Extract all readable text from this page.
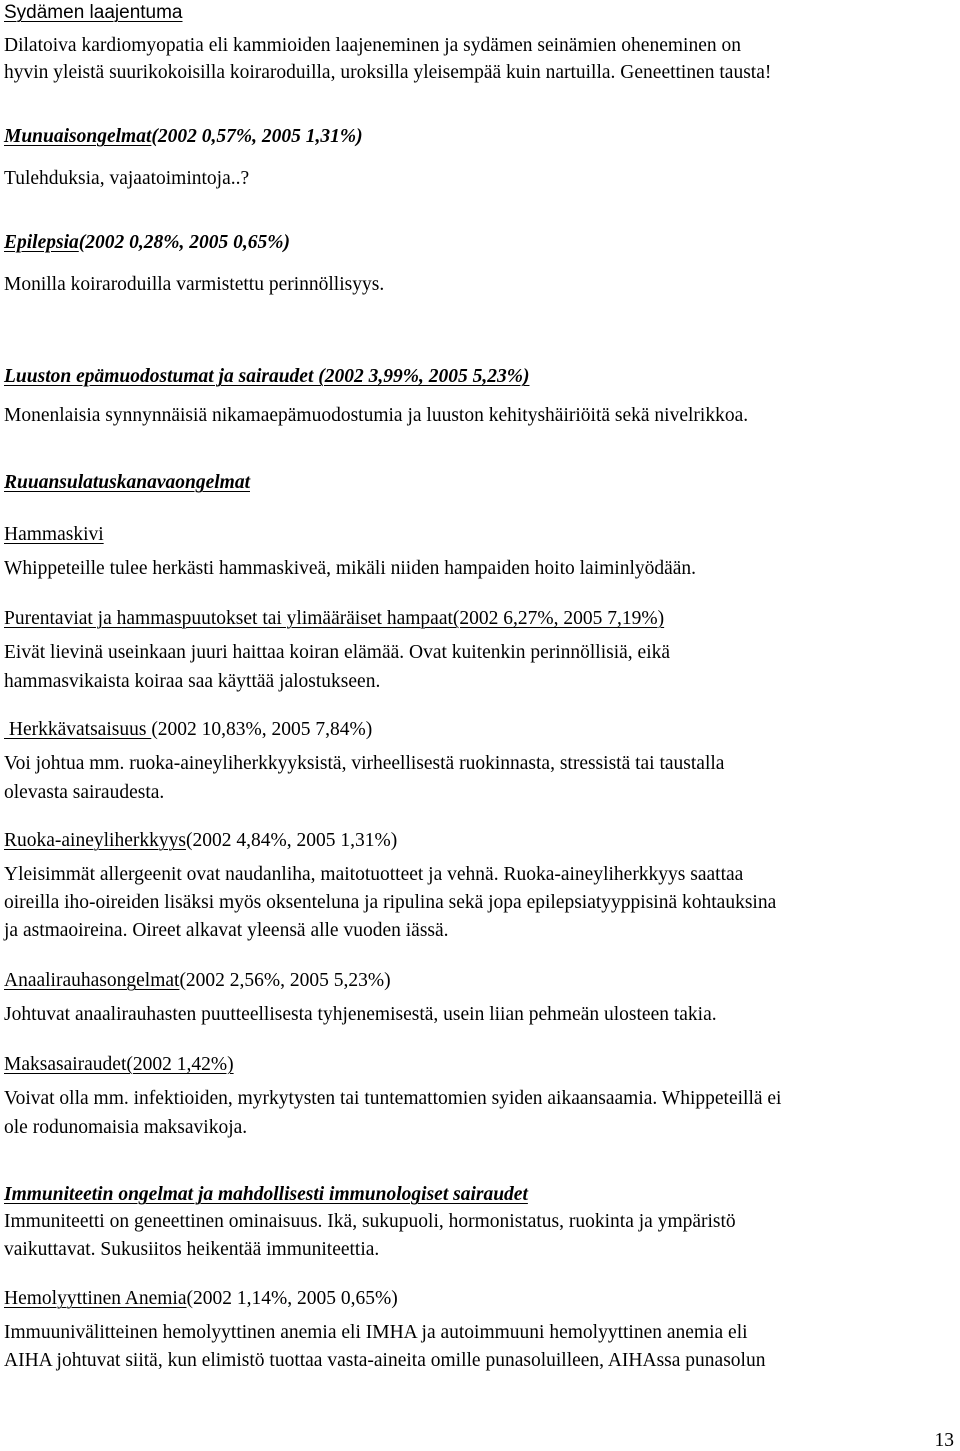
Sydämen laajentuma
Dilatoiva kardiomyopatia eli kammioiden laajeneminen ja sydämen seinämien oheneminen on
hyvin yleistä suurikokoisilla koiraroduilla, uroksilla yleisempää kuin nartuilla. Geneettinen tausta!
Munuaisongelmat(2002 0,57%, 2005 1,31%)
Tulehduksia, vajaatoimintoja..?
Epilepsia(2002 0,28%, 2005 0,65%)
Monilla koiraroduilla varmistettu perinnöllisyys.
Luuston epämuodostumat ja sairaudet (2002 3,99%, 2005 5,23%)
Monenlaisia synnynnäisiä nikamaepämuodostumia ja luuston kehityshäiriöitä sekä nivelrikkoa.
Ruuansulatuskanavaongelmat
Hammaskivi
Whippeteille tulee herkästi hammaskiveä, mikäli niiden hampaiden hoito laiminlyödään.
Purentaviat ja hammaspuutokset tai ylimääräiset hampaat(2002 6,27%, 2005 7,19%)
Eivät lievinä useinkaan juuri haittaa koiran elämää. Ovat kuitenkin perinnöllisiä, eikä
hammasvikaista koiraa saa käyttää jalostukseen.
Herkkävatsaisuus (2002 10,83%, 2005 7,84%)
Voi johtua mm. ruoka-aineyliherkkyyksistä, virheellisestä ruokinnasta, stressistä tai taustalla
olevasta sairaudesta.
Ruoka-aineyliherkkyys(2002 4,84%, 2005 1,31%)
Yleisimmät allergeenit ovat naudanliha, maitotuotteet ja vehnä. Ruoka-aineyliherkkyys saattaa
oireilla iho-oireiden lisäksi myös oksenteluna ja ripulina sekä jopa epilepsiatyyppisinä kohtauksina
ja astmaoireina. Oireet alkavat yleensä alle vuoden iässä.
Anaalirauhasongelmat(2002 2,56%, 2005 5,23%)
Johtuvat anaalirauhasten puutteellisesta tyhjenemisestä, usein liian pehmeän ulosteen takia.
Maksasairaudet(2002 1,42%)
Voivat olla mm. infektioiden, myrkytysten tai tuntemattomien syiden aikaansaamia. Whippeteillä ei
ole rodunomaisia maksavikoja.
Immuniteetin ongelmat ja mahdollisesti immunologiset sairaudet
Immuniteetti on geneettinen ominaisuus. Ikä, sukupuoli, hormonistatus, ruokinta ja ympäristö
vaikuttavat. Sukusiitos heikentää immuniteettia.
Hemolyyttinen Anemia(2002 1,14%, 2005 0,65%)
Immuunivälitteinen hemolyyttinen anemia eli IMHA ja autoimmuuni hemolyyttinen anemia eli
AIHA johtuvat siitä, kun elimistö tuottaa vasta-aineita omille punasoluilleen, AIHAssa punasolun
13
